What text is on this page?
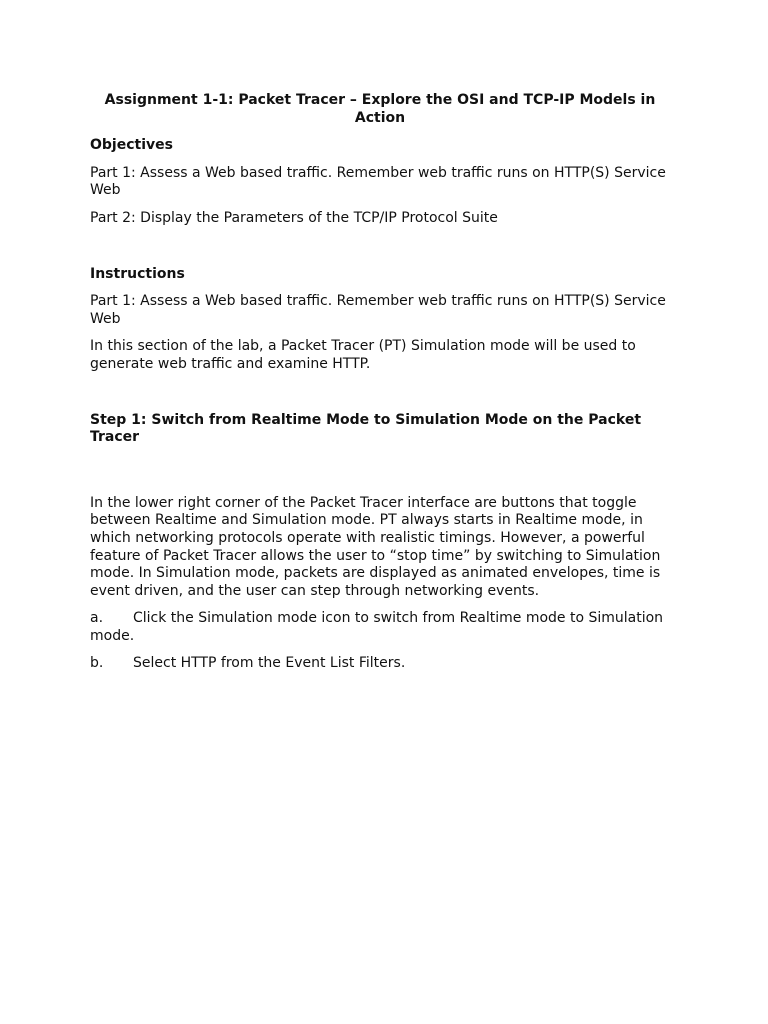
Assignment 1-1: Packet Tracer – Explore the OSI and TCP-IP Models in Action
Objectives
Part 1: Assess a Web based traffic. Remember web traffic runs on HTTP(S) Service Web
Part 2: Display the Parameters of the TCP/IP Protocol Suite
Instructions
Part 1: Assess a Web based traffic. Remember web traffic runs on HTTP(S) Service Web
In this section of the lab, a Packet Tracer (PT) Simulation mode will be used to generate web traffic and examine HTTP.
Step 1: Switch from Realtime Mode to Simulation Mode on the Packet Tracer
In the lower right corner of the Packet Tracer interface are buttons that toggle between Realtime and Simulation mode. PT always starts in Realtime mode, in which networking protocols operate with realistic timings. However, a powerful feature of Packet Tracer allows the user to “stop time” by switching to Simulation mode. In Simulation mode, packets are displayed as animated envelopes, time is event driven, and the user can step through networking events.
a. Click the Simulation mode icon to switch from Realtime mode to Simulation mode.
b. Select HTTP from the Event List Filters.
